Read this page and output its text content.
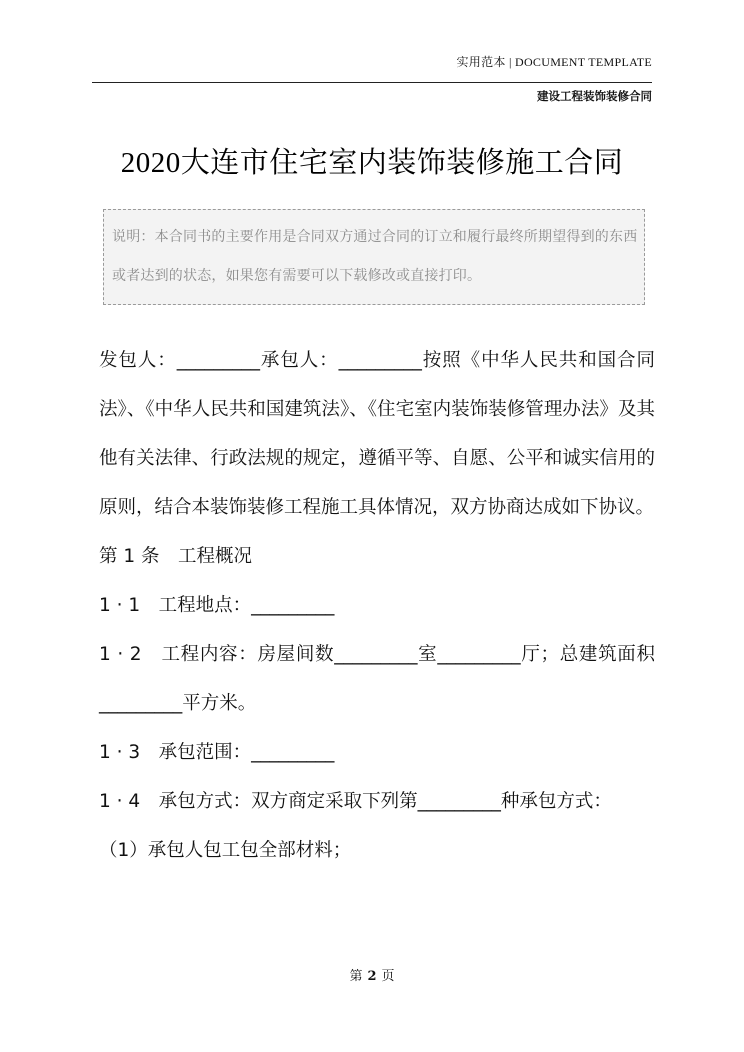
实用范本 | DOCUMENT TEMPLATE
建设工程装饰装修合同
2020大连市住宅室内装饰装修施工合同
说明：本合同书的主要作用是合同双方通过合同的订立和履行最终所期望得到的东西或者达到的状态，如果您有需要可以下载修改或直接打印。

发包人：_________承包人：_________按照《中华人民共和国合同法》、《中华人民共和国建筑法》、《住宅室内装饰装修管理办法》及其他有关法律、行政法规的规定，遵循平等、自愿、公平和诚实信用的原则，结合本装饰装修工程施工具体情况，双方协商达成如下协议。

第 1 条　工程概况

1 · 1　工程地点：_________

1 · 2　工程内容：房屋间数_________室_________厅；总建筑面积_________平方米。

1 · 3　承包范围：_________

1 · 4　承包方式：双方商定采取下列第_________种承包方式：

（1）承包人包工包全部材料；

第 2 页
